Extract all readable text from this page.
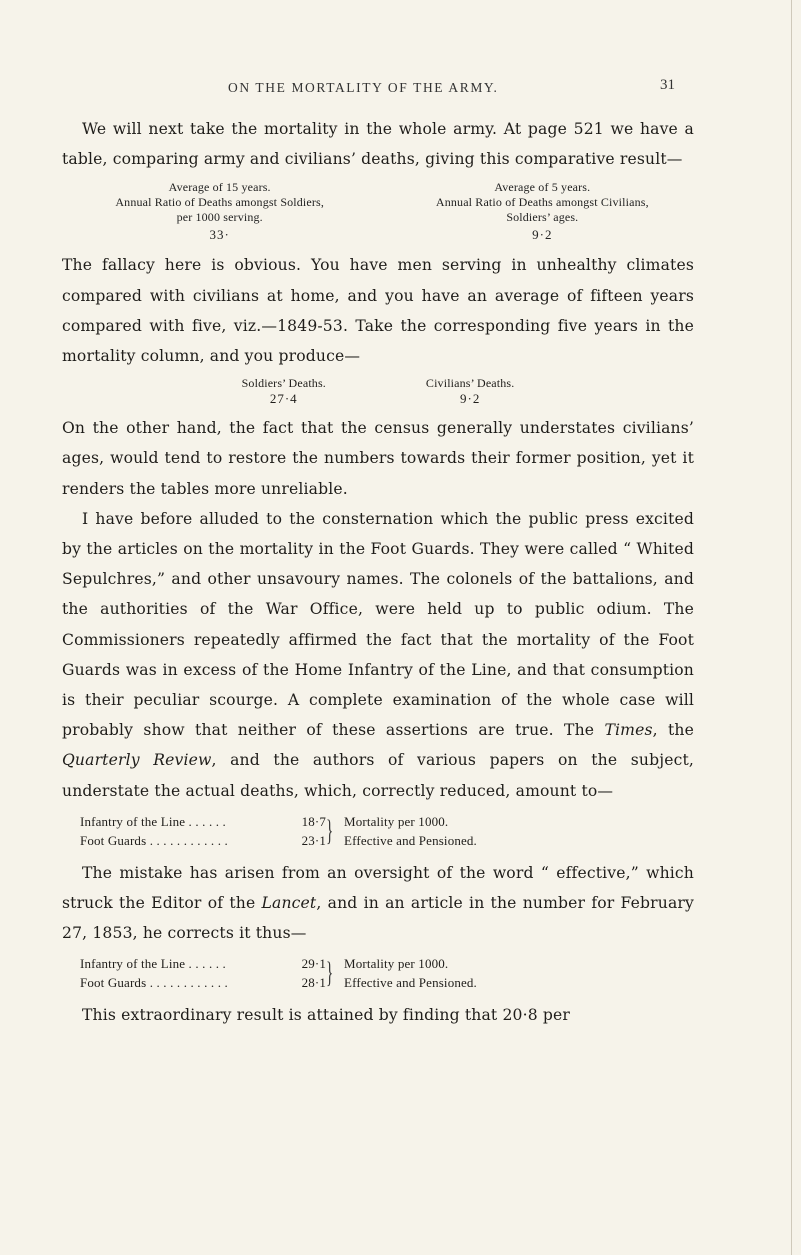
ON THE MORTALITY OF THE ARMY.	31

We will next take the mortality in the whole army. At page 521 we have a table, comparing army and civilians’ deaths, giving this comparative result—

Average of 15 years.
Annual Ratio of Deaths amongst Soldiers,
per 1000 serving.
33·
Average of 5 years.
Annual Ratio of Deaths amongst Civilians,
Soldiers’ ages.
9·2

The fallacy here is obvious. You have men serving in unhealthy climates compared with civilians at home, and you have an average of fifteen years compared with five, viz.—1849-53. Take the corresponding five years in the mortality column, and you produce—

Soldiers’ Deaths.
27·4
Civilians’ Deaths.
9·2

On the other hand, the fact that the census generally understates civilians’ ages, would tend to restore the numbers towards their former position, yet it renders the tables more unreliable.

I have before alluded to the consternation which the public press excited by the articles on the mortality in the Foot Guards. They were called “ Whited Sepulchres,” and other unsavoury names. The colonels of the battalions, and the authorities of the War Office, were held up to public odium. The Commissioners repeatedly affirmed the fact that the mortality of the Foot Guards was in excess of the Home Infantry of the Line, and that consumption is their peculiar scourge. A complete examination of the whole case will probably show that neither of these assertions are true. The Times, the Quarterly Review, and the authors of various papers on the subject, understate the actual deaths, which, correctly reduced, amount to—

Infantry of the Line . . . . . .	18·7
Foot Guards . . . . . . . . . . . .	23·1 } Mortality per 1000.
Effective and Pensioned.

The mistake has arisen from an oversight of the word “ effective,” which struck the Editor of the Lancet, and in an article in the number for February 27, 1853, he corrects it thus—

Infantry of the Line . . . . . .	29·1
Foot Guards . . . . . . . . . . . .	28·1 } Mortality per 1000.
Effective and Pensioned.

This extraordinary result is attained by finding that 20·8 per
